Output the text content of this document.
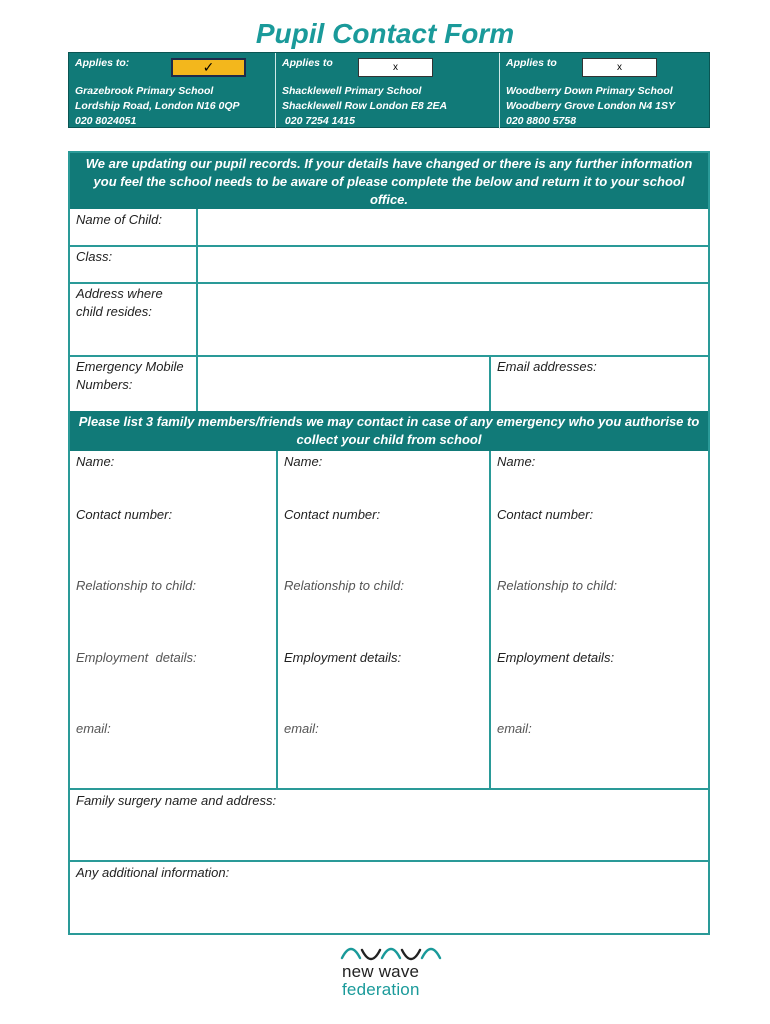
Pupil Contact Form
Applies to:	✓
Grazebrook Primary School
Lordship Road, London N16 0QP
020 8024051
Applies to	x
Shacklewell Primary School
Shacklewell Row London E8 2EA
020 7254 1415
Applies to	x
Woodberry Down Primary School
Woodberry Grove London N4 1SY
020 8800 5758
We are updating our pupil records. If your details have changed or there is any further information you feel the school needs to be aware of please complete the below and return it to your school office.
Name of Child:
Class:
Address where child resides:
Emergency Mobile Numbers:
Email addresses:
Please list 3 family members/friends we may contact in case of any emergency who you authorise to collect your child from school
Name:
Contact number:
Relationship to child:
Employment  details:
email:
Name:
Contact number:
Relationship to child:
Employment details:
email:
Name:
Contact number:
Relationship to child:
Employment details:
email:
Family surgery name and address:
Any additional information:
new wave
federation
